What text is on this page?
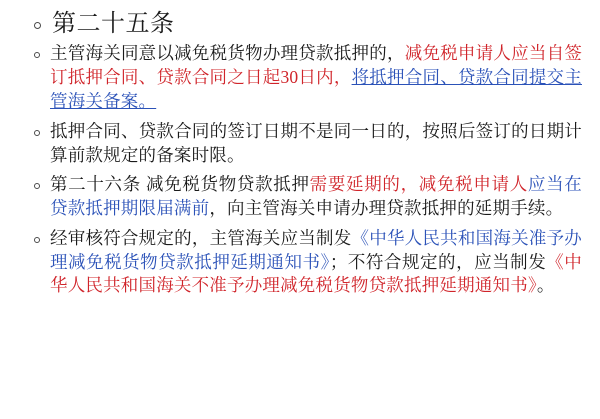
第二十五条
主管海关同意以减免税货物办理贷款抵押的，减免税申请人应当自签订抵押合同、贷款合同之日起30日内，将抵押合同、贷款合同提交主管海关备案。
抵押合同、贷款合同的签订日期不是同一日的，按照后签订的日期计算前款规定的备案时限。
第二十六条 减免税货物贷款抵押需要延期的，减免税申请人应当在贷款抵押期限届满前，向主管海关申请办理贷款抵押的延期手续。
经审核符合规定的，主管海关应当制发《中华人民共和国海关准予办理减免税货物贷款抵押延期通知书》；不符合规定的，应当制发《中华人民共和国海关不准予办理减免税货物贷款抵押延期通知书》。
